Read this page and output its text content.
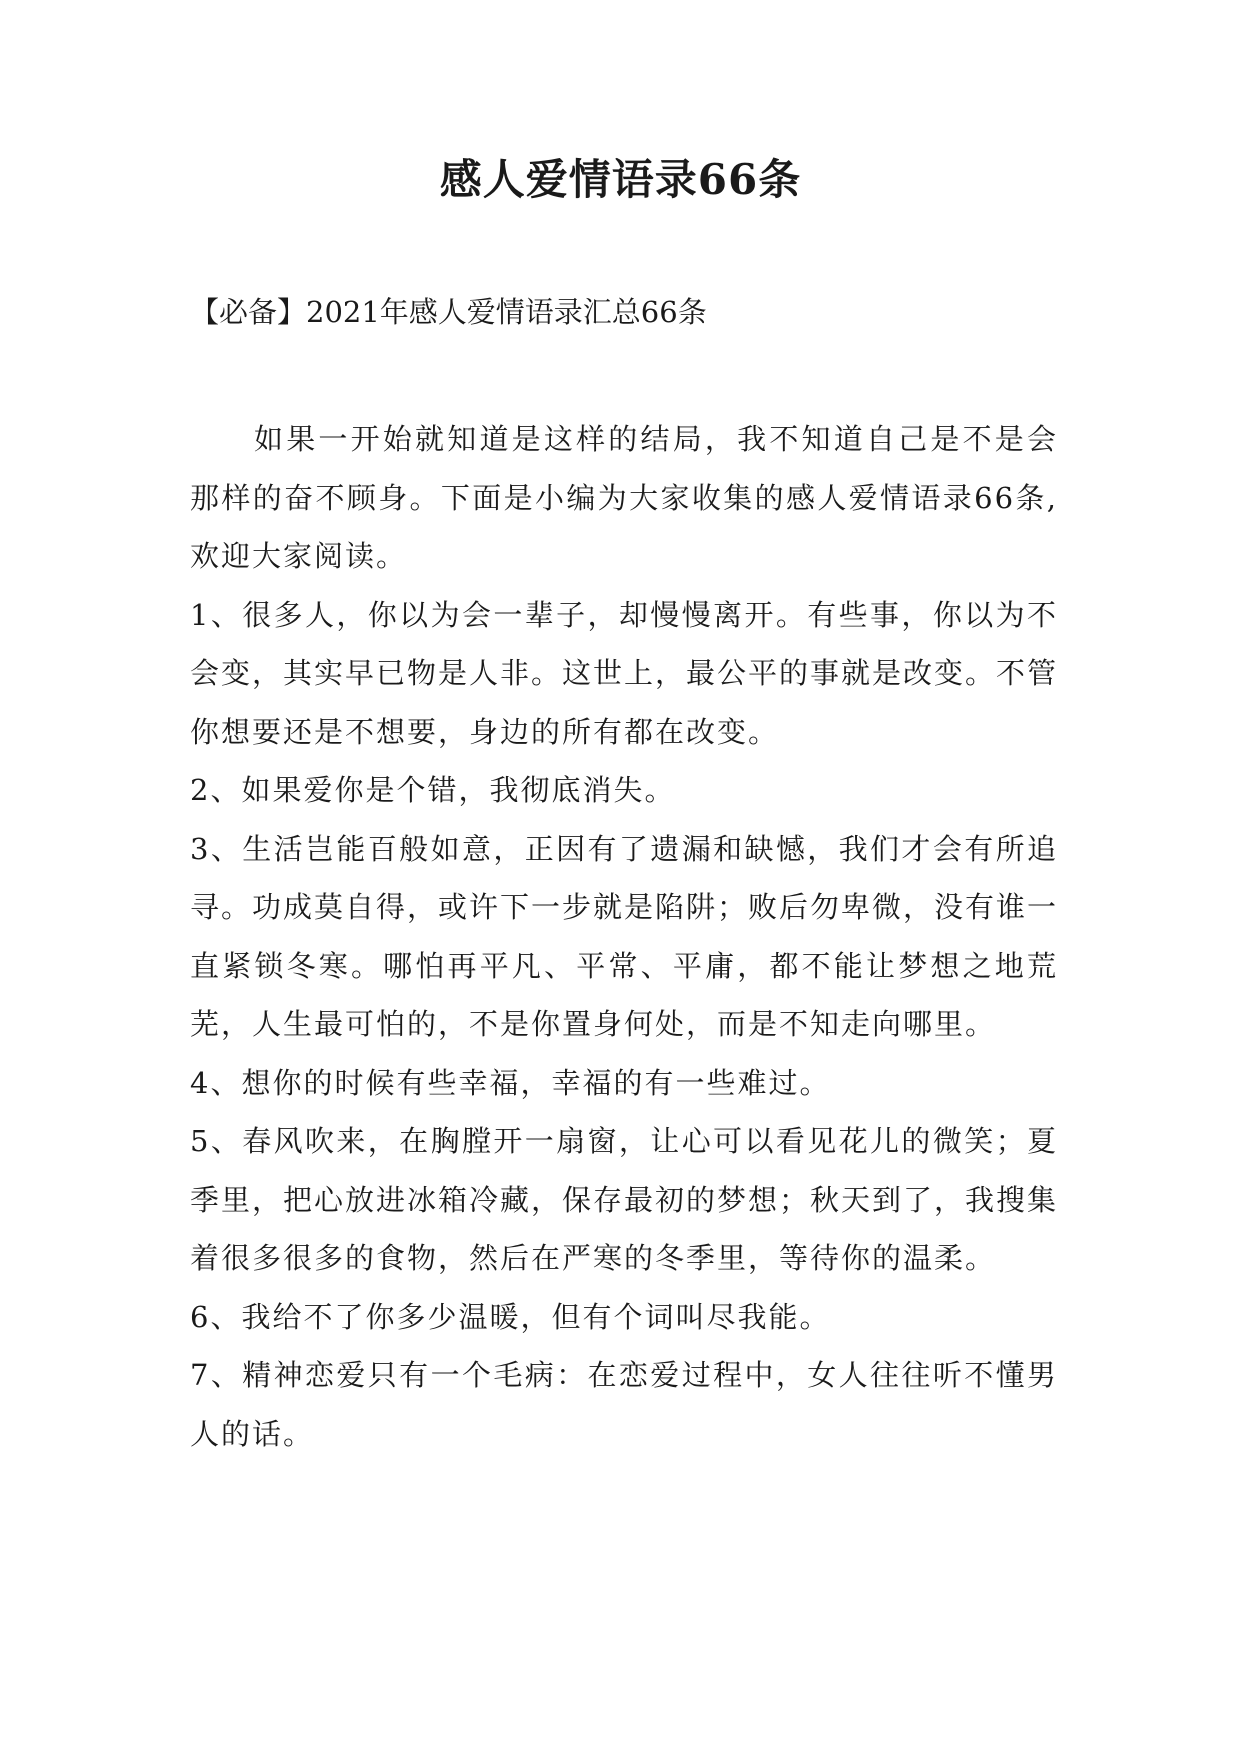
感人爱情语录66条

【必备】2021年感人爱情语录汇总66条

如果一开始就知道是这样的结局，我不知道自己是不是会那样的奋不顾身。下面是小编为大家收集的感人爱情语录66条,欢迎大家阅读。

1、很多人，你以为会一辈子，却慢慢离开。有些事，你以为不会变，其实早已物是人非。这世上，最公平的事就是改变。不管你想要还是不想要，身边的所有都在改变。

2、如果爱你是个错，我彻底消失。

3、生活岂能百般如意，正因有了遗漏和缺憾，我们才会有所追寻。功成莫自得，或许下一步就是陷阱；败后勿卑微，没有谁一直紧锁冬寒。哪怕再平凡、平常、平庸，都不能让梦想之地荒芜，人生最可怕的，不是你置身何处，而是不知走向哪里。

4、想你的时候有些幸福，幸福的有一些难过。

5、春风吹来，在胸膛开一扇窗，让心可以看见花儿的微笑；夏季里，把心放进冰箱冷藏，保存最初的梦想；秋天到了，我搜集着很多很多的食物，然后在严寒的冬季里，等待你的温柔。

6、我给不了你多少温暖，但有个词叫尽我能。

7、精神恋爱只有一个毛病：在恋爱过程中，女人往往听不懂男人的话。
